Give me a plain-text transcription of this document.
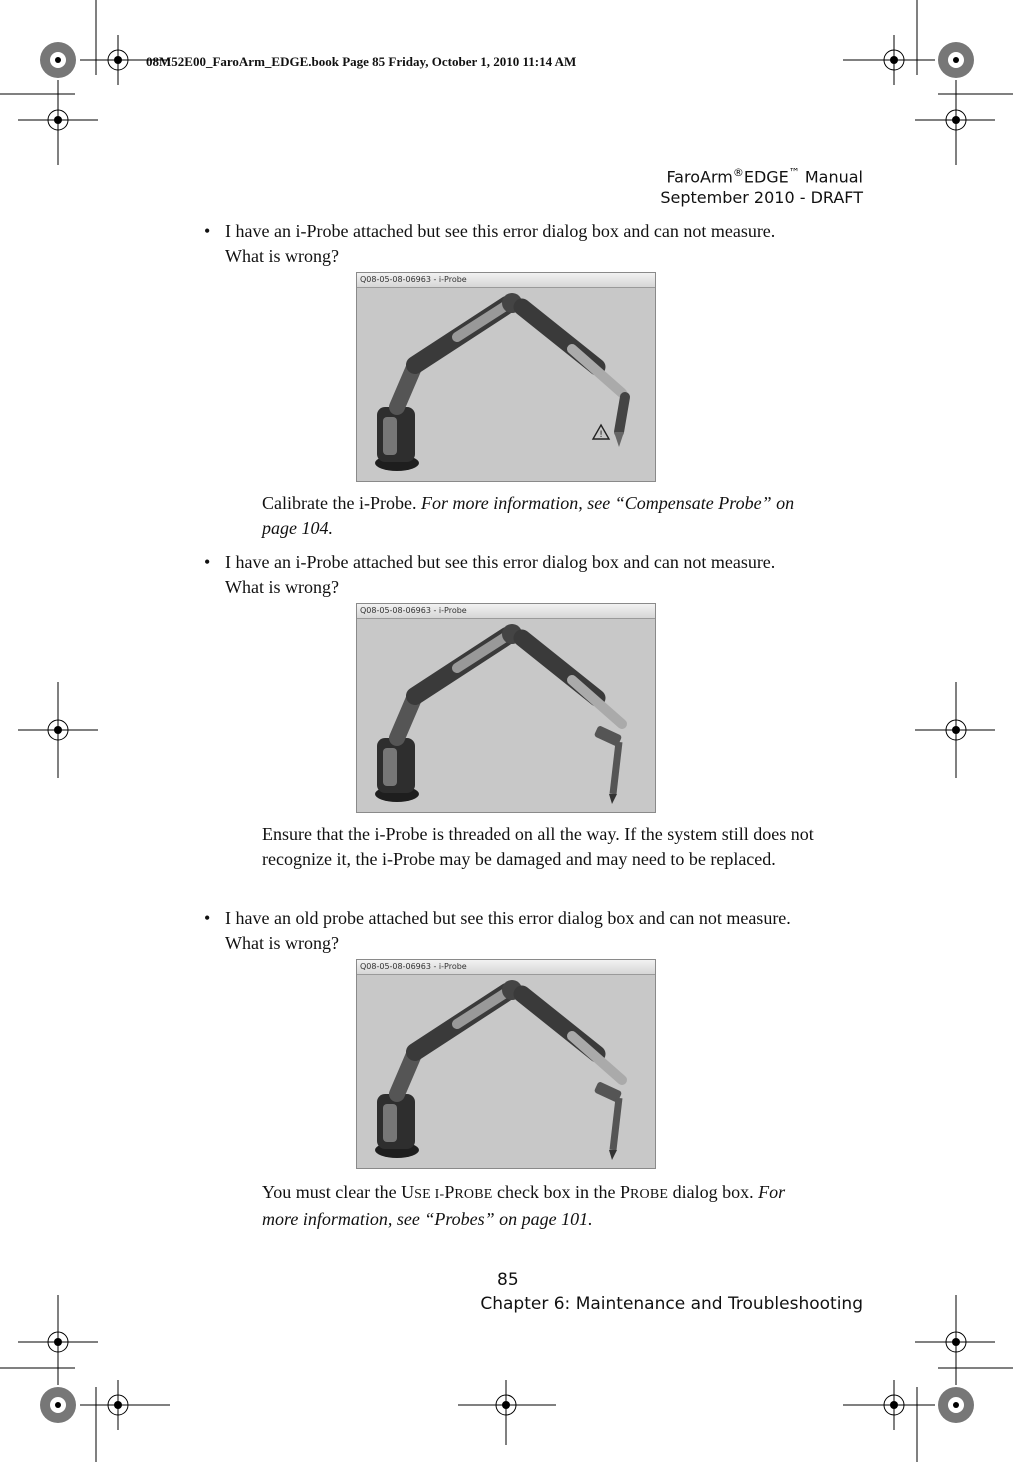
08M52E00_FaroArm_EDGE.book Page 85 Friday, October 1, 2010 11:14 AM
FaroArm®EDGE™ Manual
September 2010 - DRAFT
• I have an i-Probe attached but see this error dialog box and can not measure. What is wrong?
Q08-05-08-06963 - i-Probe
!
Calibrate the i-Probe. For more information, see “Compensate Probe” on page 104.
• I have an i-Probe attached but see this error dialog box and can not measure. What is wrong?
Q08-05-08-06963 - i-Probe
Ensure that the i-Probe is threaded on all the way. If the system still does not recognize it, the i-Probe may be damaged and may need to be replaced.
• I have an old probe attached but see this error dialog box and can not measure. What is wrong?
Q08-05-08-06963 - i-Probe
You must clear the USE I-PROBE check box in the PROBE dialog box. For more information, see “Probes” on page 101.
85
Chapter 6: Maintenance and Troubleshooting
